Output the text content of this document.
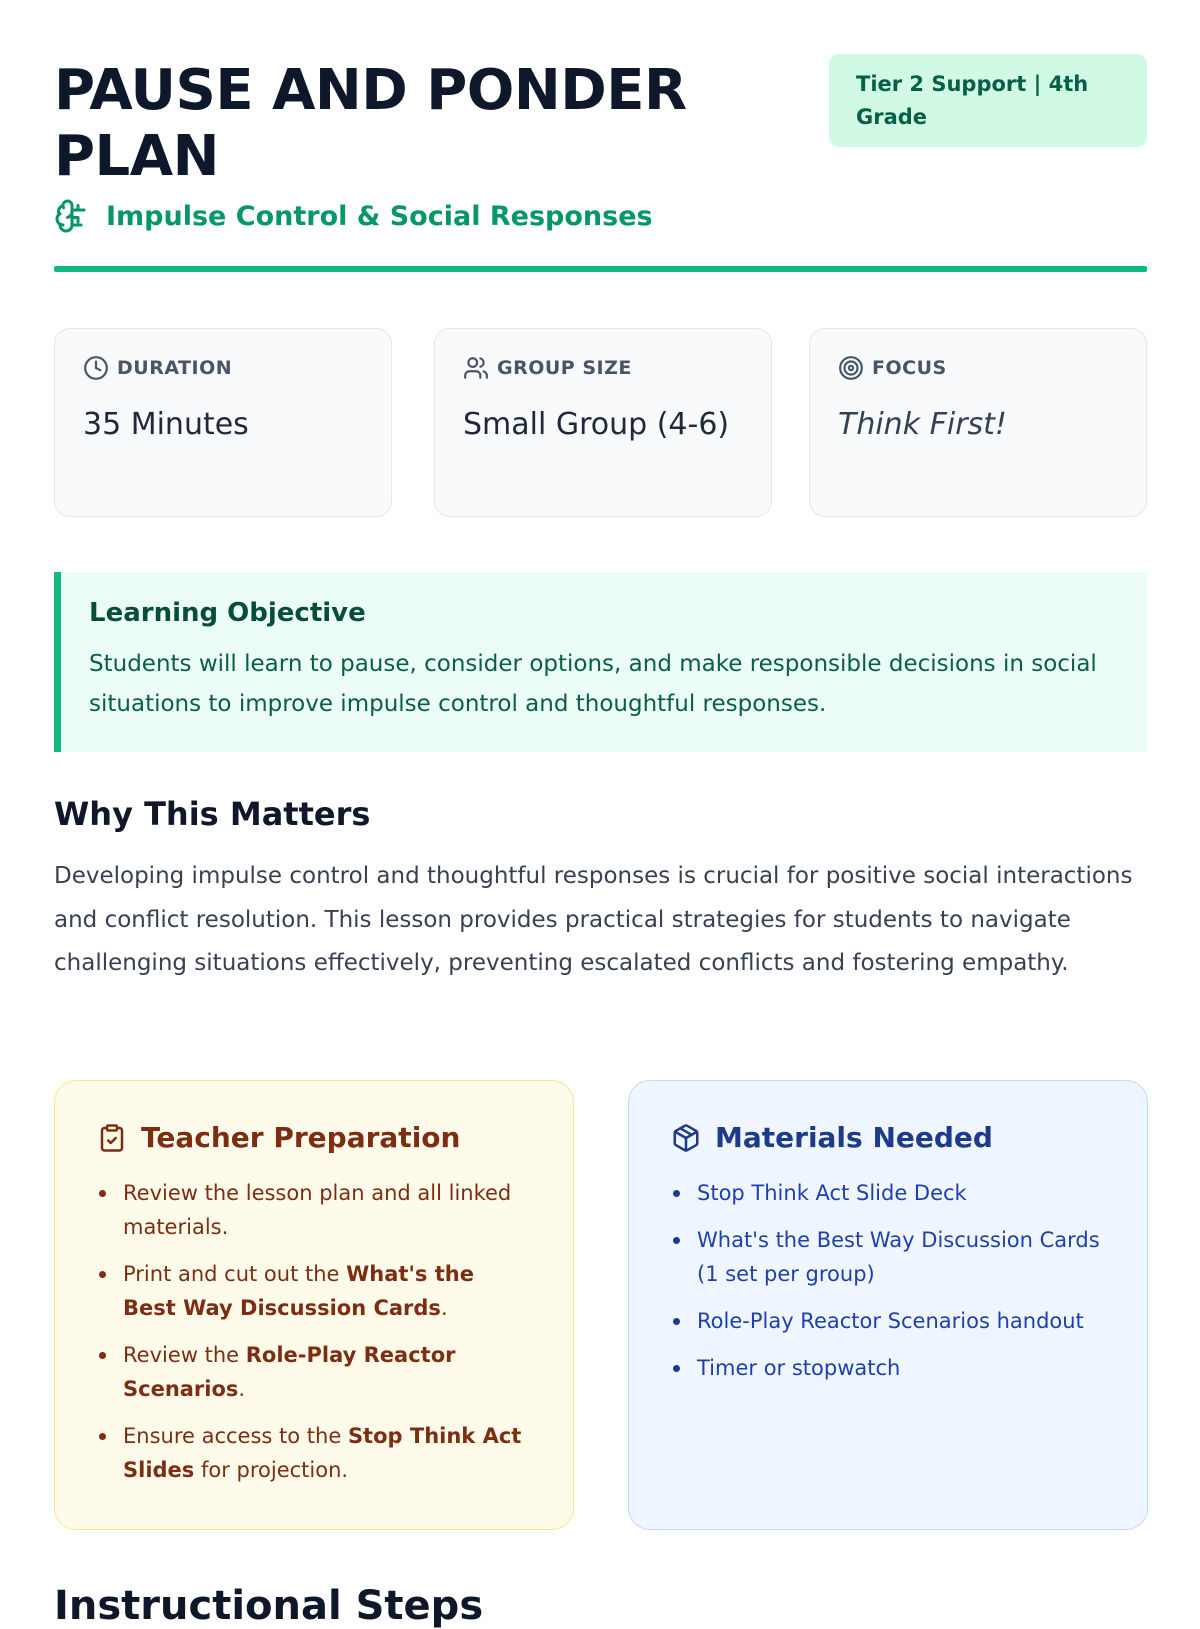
PAUSE AND PONDER PLAN
Tier 2 Support | 4th Grade
Impulse Control & Social Responses
DURATION
35 Minutes
GROUP SIZE
Small Group (4-6)
FOCUS
Think First!
Learning Objective

Students will learn to pause, consider options, and make responsible decisions in social situations to improve impulse control and thoughtful responses.

Why This Matters

Developing impulse control and thoughtful responses is crucial for positive social interactions and conflict resolution. This lesson provides practical strategies for students to navigate challenging situations effectively, preventing escalated conflicts and fostering empathy.

Teacher Preparation
Review the lesson plan and all linked materials.
Print and cut out the What's the Best Way Discussion Cards.
Review the Role-Play Reactor Scenarios.
Ensure access to the Stop Think Act Slides for projection.
Materials Needed
Stop Think Act Slide Deck
What's the Best Way Discussion Cards (1 set per group)
Role-Play Reactor Scenarios handout
Timer or stopwatch
Instructional Steps
